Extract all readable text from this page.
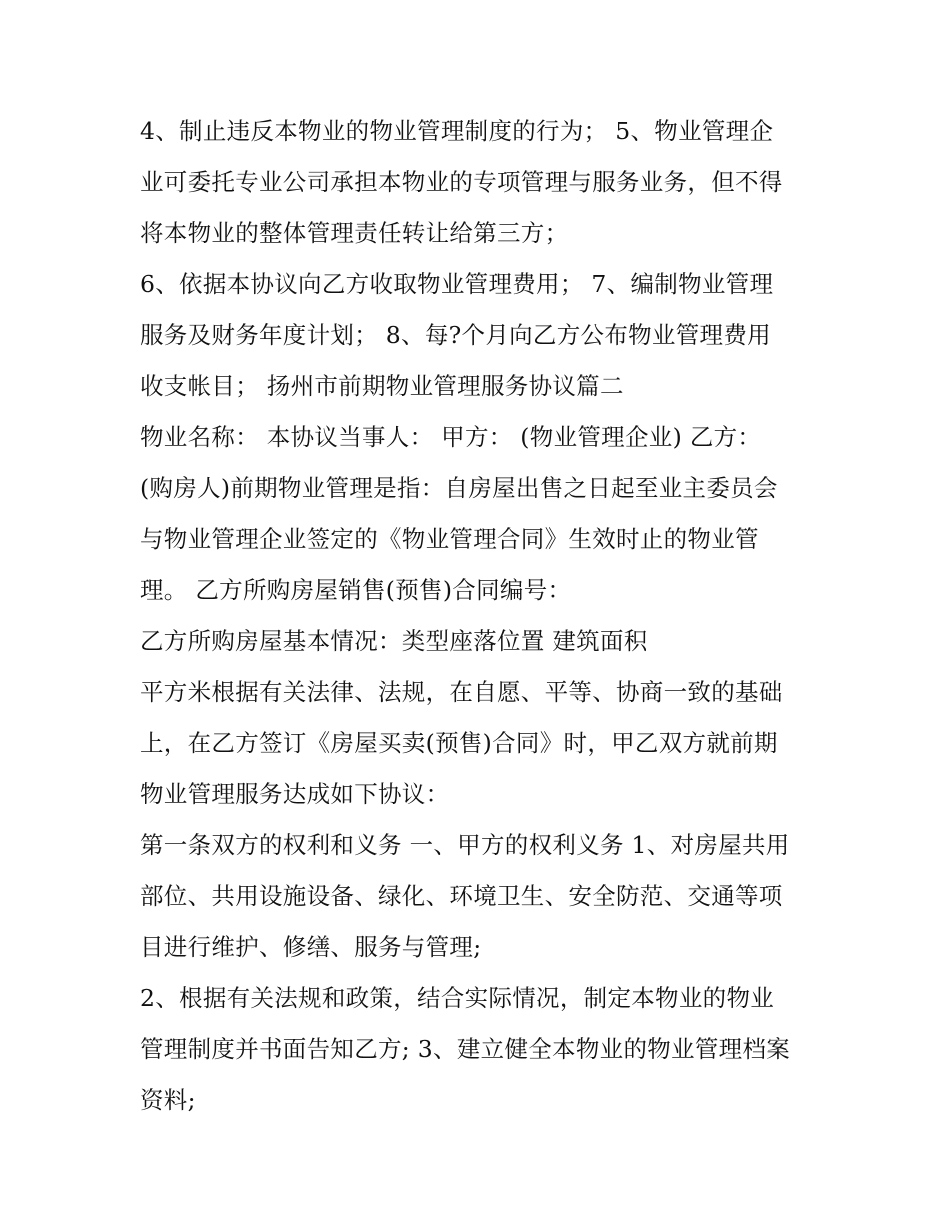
4、制止违反本物业的物业管理制度的行为； 5、物业管理企
业可委托专业公司承担本物业的专项管理与服务业务，但不得
将本物业的整体管理责任转让给第三方；
6、依据本协议向乙方收取物业管理费用； 7、编制物业管理
服务及财务年度计划； 8、每?个月向乙方公布物业管理费用
收支帐目； 扬州市前期物业管理服务协议篇二
物业名称： 本协议当事人： 甲方： (物业管理企业) 乙方：
(购房人)前期物业管理是指：自房屋出售之日起至业主委员会
与物业管理企业签定的《物业管理合同》生效时止的物业管
理。 乙方所购房屋销售(预售)合同编号：
乙方所购房屋基本情况：类型座落位置 建筑面积
平方米根据有关法律、法规，在自愿、平等、协商一致的基础
上，在乙方签订《房屋买卖(预售)合同》时，甲乙双方就前期
物业管理服务达成如下协议：
第一条双方的权利和义务 一、甲方的权利义务 1、对房屋共用
部位、共用设施设备、绿化、环境卫生、安全防范、交通等项
目进行维护、修缮、服务与管理;
2、根据有关法规和政策，结合实际情况，制定本物业的物业
管理制度并书面告知乙方; 3、建立健全本物业的物业管理档案
资料;
